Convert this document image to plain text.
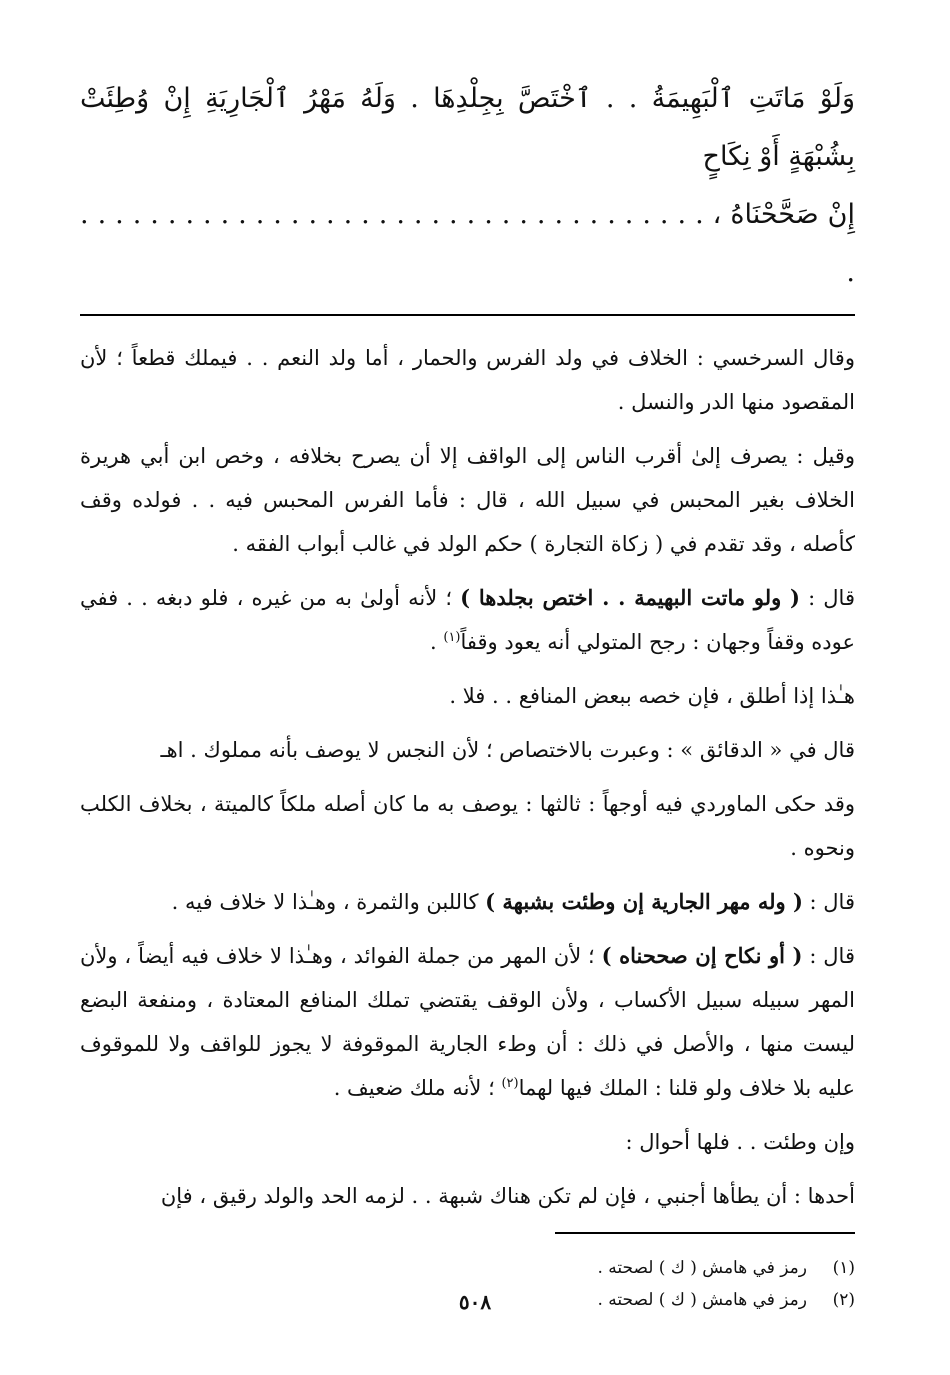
وَلَوْ مَاتَتِ ٱلْبَهِيمَةُ . . ٱخْتَصَّ بِجِلْدِهَا . وَلَهُ مَهْرُ ٱلْجَارِيَةِ إِنْ وُطِئَتْ بِشُبْهَةٍ أَوْ نِكَاحٍ

إِنْ صَحَّحْنَاهُ ، . . . . . . . . . . . . . . . . . . . . . . . . . . . . . . . . . . . . .

وقال السرخسي : الخلاف في ولد الفرس والحمار ، أما ولد النعم . . فيملك قطعاً ؛ لأن المقصود منها الدر والنسل .

وقيل : يصرف إلىٰ أقرب الناس إلى الواقف إلا أن يصرح بخلافه ، وخص ابن أبي هريرة الخلاف بغير المحبس في سبيل الله ، قال : فأما الفرس المحبس فيه . . فولده وقف كأصله ، وقد تقدم في ( زكاة التجارة ) حكم الولد في غالب أبواب الفقه .

قال : ( ولو ماتت البهيمة . . اختص بجلدها ) ؛ لأنه أولىٰ به من غيره ، فلو دبغه . . ففي عوده وقفاً وجهان : رجح المتولي أنه يعود وقفاً$^{(١)}$ .

هـٰذا إذا أطلق ، فإن خصه ببعض المنافع . . فلا .

قال في « الدقائق » : وعبرت بالاختصاص ؛ لأن النجس لا يوصف بأنه مملوك . اهـ

وقد حكى الماوردي فيه أوجهاً : ثالثها : يوصف به ما كان أصله ملكاً كالميتة ، بخلاف الكلب ونحوه .

قال : ( وله مهر الجارية إن وطئت بشبهة ) كاللبن والثمرة ، وهـٰذا لا خلاف فيه .

قال : ( أو نكاح إن صححناه ) ؛ لأن المهر من جملة الفوائد ، وهـٰذا لا خلاف فيه أيضاً ، ولأن المهر سبيله سبيل الأكساب ، ولأن الوقف يقتضي تملك المنافع المعتادة ، ومنفعة البضع ليست منها ، والأصل في ذلك : أن وطء الجارية الموقوفة لا يجوز للواقف ولا للموقوف عليه بلا خلاف ولو قلنا : الملك فيها لهما$^{(٢)}$ ؛ لأنه ملك ضعيف .

وإن وطئت . . فلها أحوال :

أحدها : أن يطأها أجنبي ، فإن لم تكن هناك شبهة . . لزمه الحد والولد رقيق ، فإن

(١)رمز في هامش ( ك ) لصحته .

(٢)رمز في هامش ( ك ) لصحته .

٥٠٨
